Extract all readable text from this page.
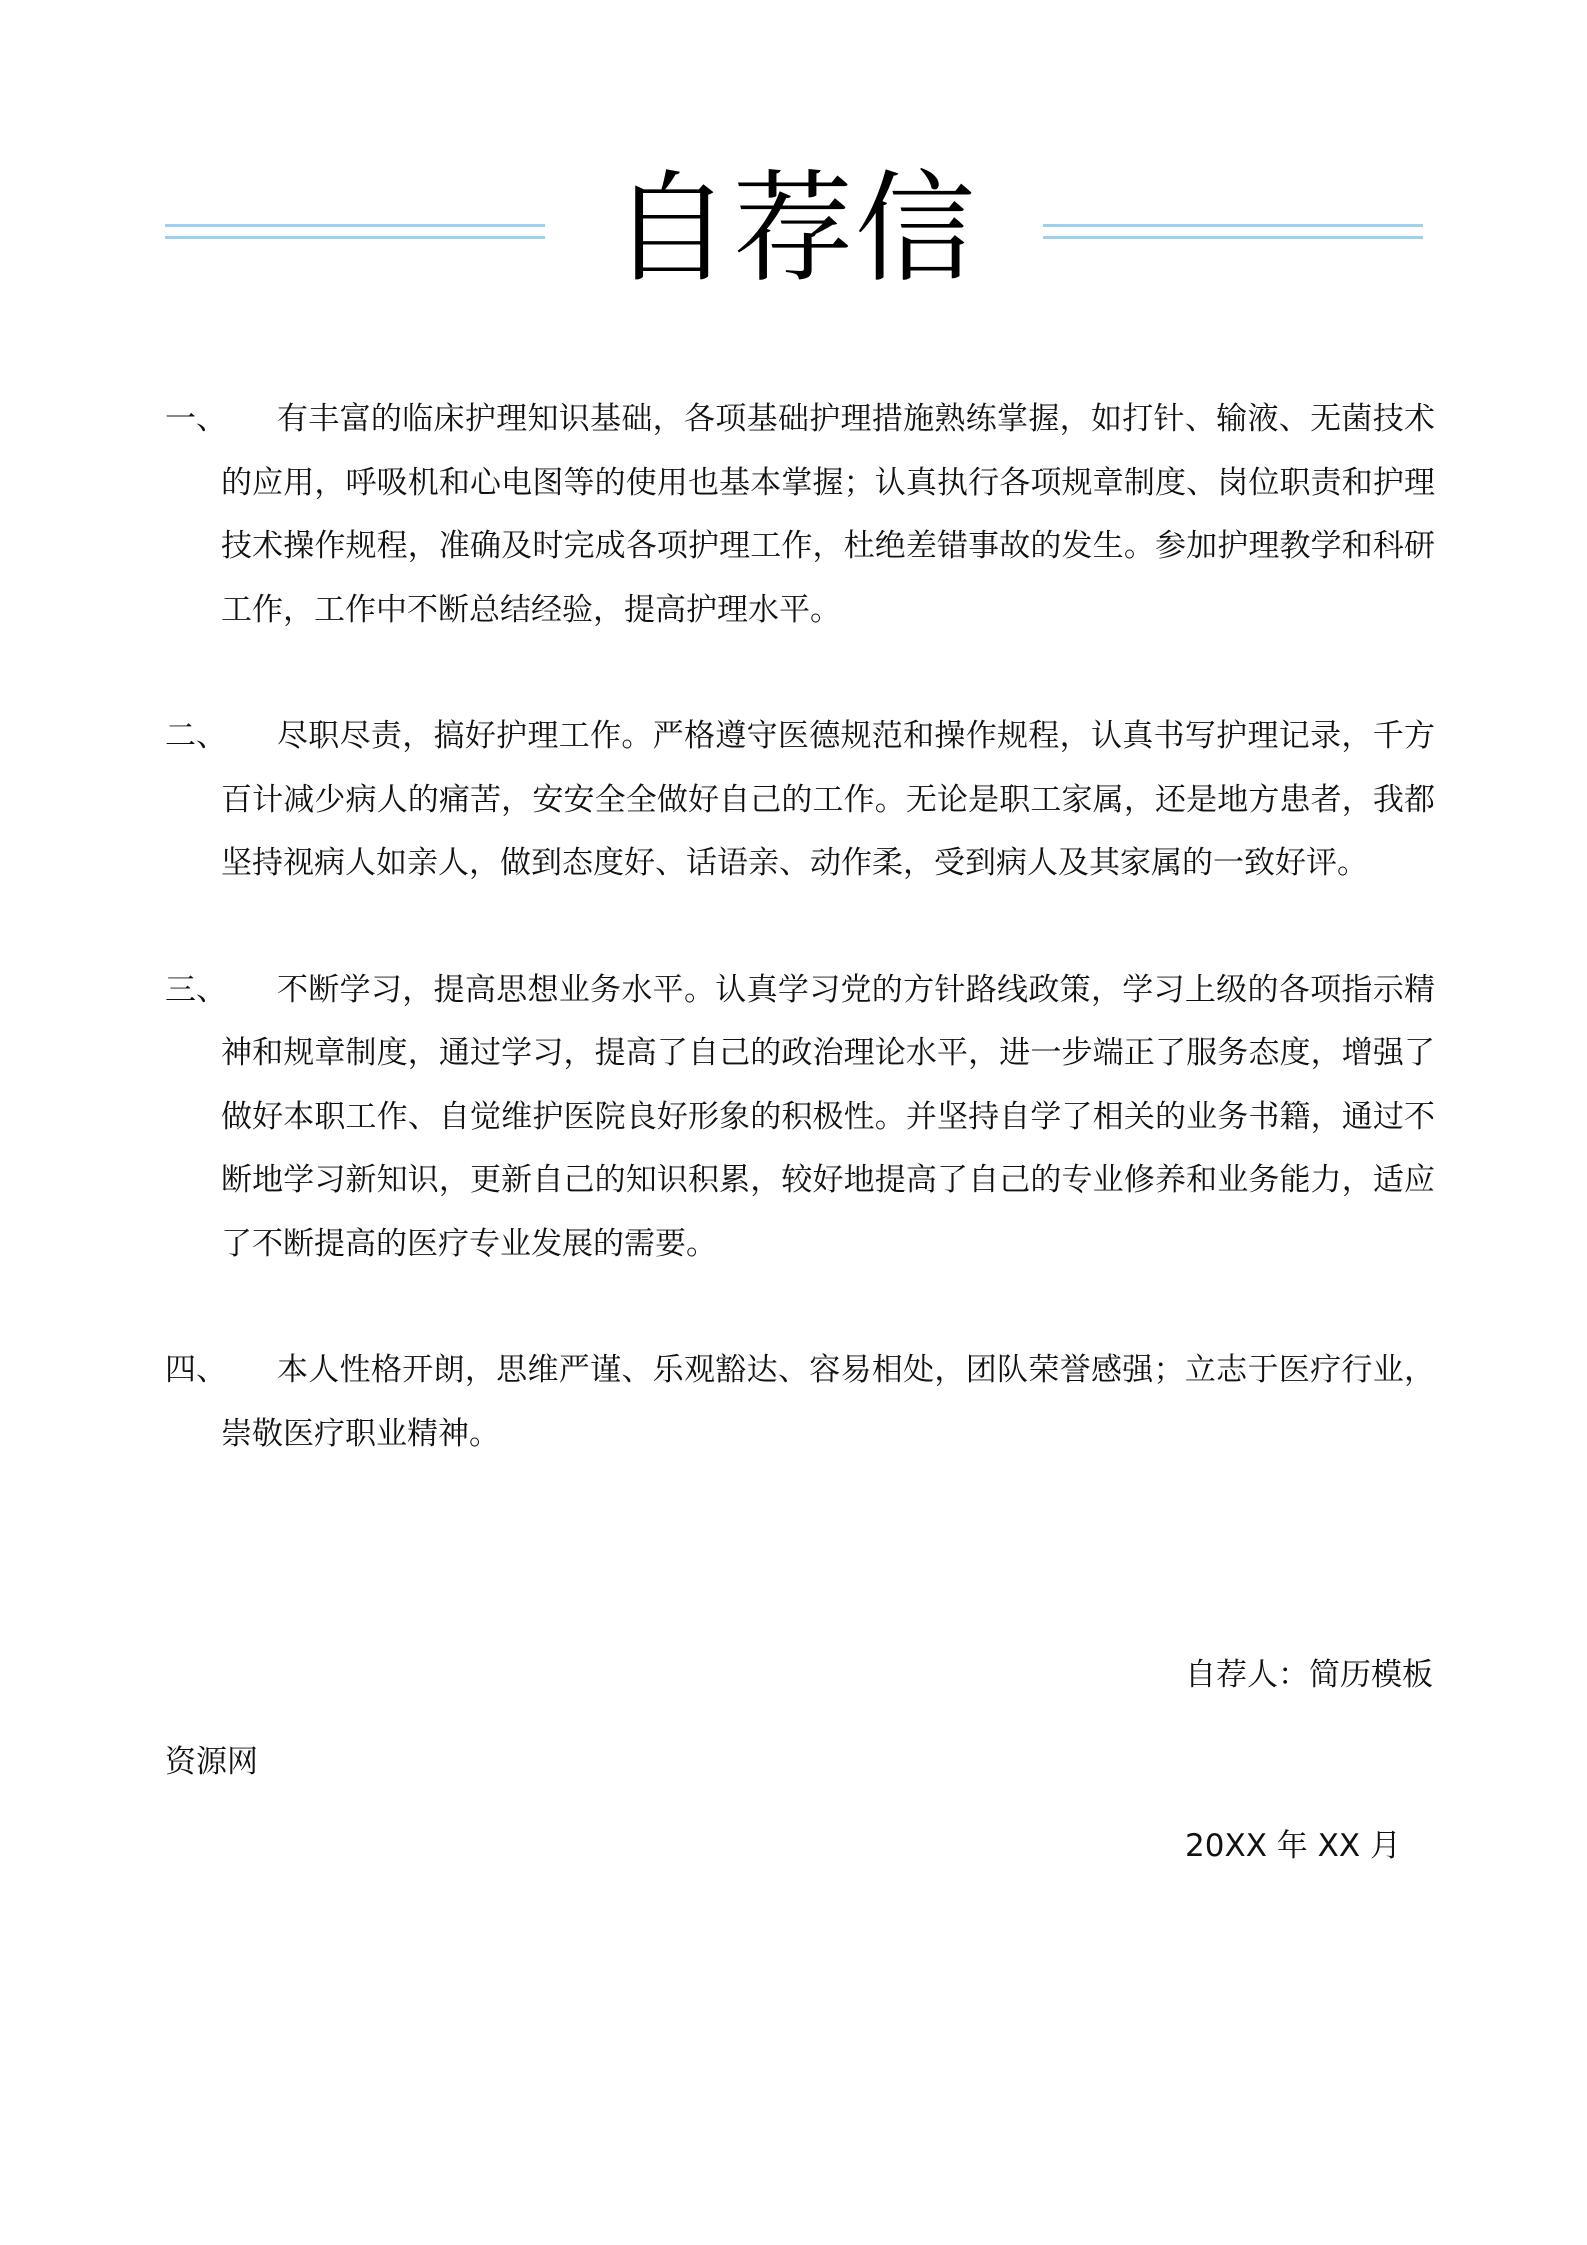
自荐信
一、	有丰富的临床护理知识基础，各项基础护理措施熟练掌握，如打针、输液、无菌技术的应用，呼吸机和心电图等的使用也基本掌握；认真执行各项规章制度、岗位职责和护理技术操作规程，准确及时完成各项护理工作，杜绝差错事故的发生。参加护理教学和科研工作，工作中不断总结经验，提高护理水平。
二、	尽职尽责，搞好护理工作。严格遵守医德规范和操作规程，认真书写护理记录，千方百计减少病人的痛苦，安安全全做好自己的工作。无论是职工家属，还是地方患者，我都坚持视病人如亲人，做到态度好、话语亲、动作柔，受到病人及其家属的一致好评。
三、	不断学习，提高思想业务水平。认真学习党的方针路线政策，学习上级的各项指示精神和规章制度，通过学习，提高了自己的政治理论水平，进一步端正了服务态度，增强了做好本职工作、自觉维护医院良好形象的积极性。并坚持自学了相关的业务书籍，通过不断地学习新知识，更新自己的知识积累，较好地提高了自己的专业修养和业务能力，适应了不断提高的医疗专业发展的需要。
四、	本人性格开朗，思维严谨、乐观豁达、容易相处，团队荣誉感强；立志于医疗行业，崇敬医疗职业精神。
自荐人：简历模板
资源网
20XX 年 XX 月
